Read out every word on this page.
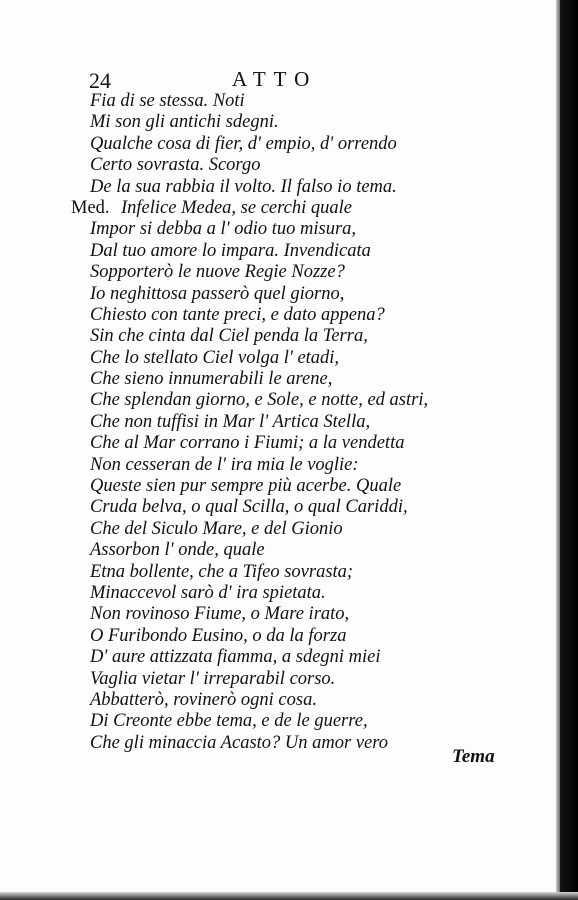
24	ATTO
Fia di se stessa. Noti
Mi son gli antichi sdegni.
Qualche cosa di fier, d' empio, d' orrendo
Certo sovrasta. Scorgo
De la sua rabbia il volto. Il falso io tema.
Med. Infelice Medea, se cerchi quale
Impor si debba a l' odio tuo misura,
Dal tuo amore lo impara. Invendicata
Sopporterò le nuove Regie Nozze?
Io neghittosa passerò quel giorno,
Chiesto con tante preci, e dato appena?
Sin che cinta dal Ciel penda la Terra,
Che lo stellato Ciel volga l' etadi,
Che sieno innumerabili le arene,
Che splendan giorno, e Sole, e notte, ed astri,
Che non tuffisi in Mar l' Artica Stella,
Che al Mar corrano i Fiumi; a la vendetta
Non cesseran de l' ira mia le voglie:
Queste sien pur sempre più acerbe. Quale
Cruda belva, o qual Scilla, o qual Cariddi,
Che del Siculo Mare, e del Gionio
Assorbon l' onde, quale
Etna bollente, che a Tifeo sovrasta;
Minaccevol sarò d' ira spietata.
Non rovinoso Fiume, o Mare irato,
O Furibondo Eusino, o da la forza
D' aure attizzata fiamma, a sdegni miei
Vaglia vietar l' irreparabil corso.
Abbatterò, rovinerò ogni cosa.
Di Creonte ebbe tema, e de le guerre,
Che gli minaccia Acasto? Un amor vero
Tema
